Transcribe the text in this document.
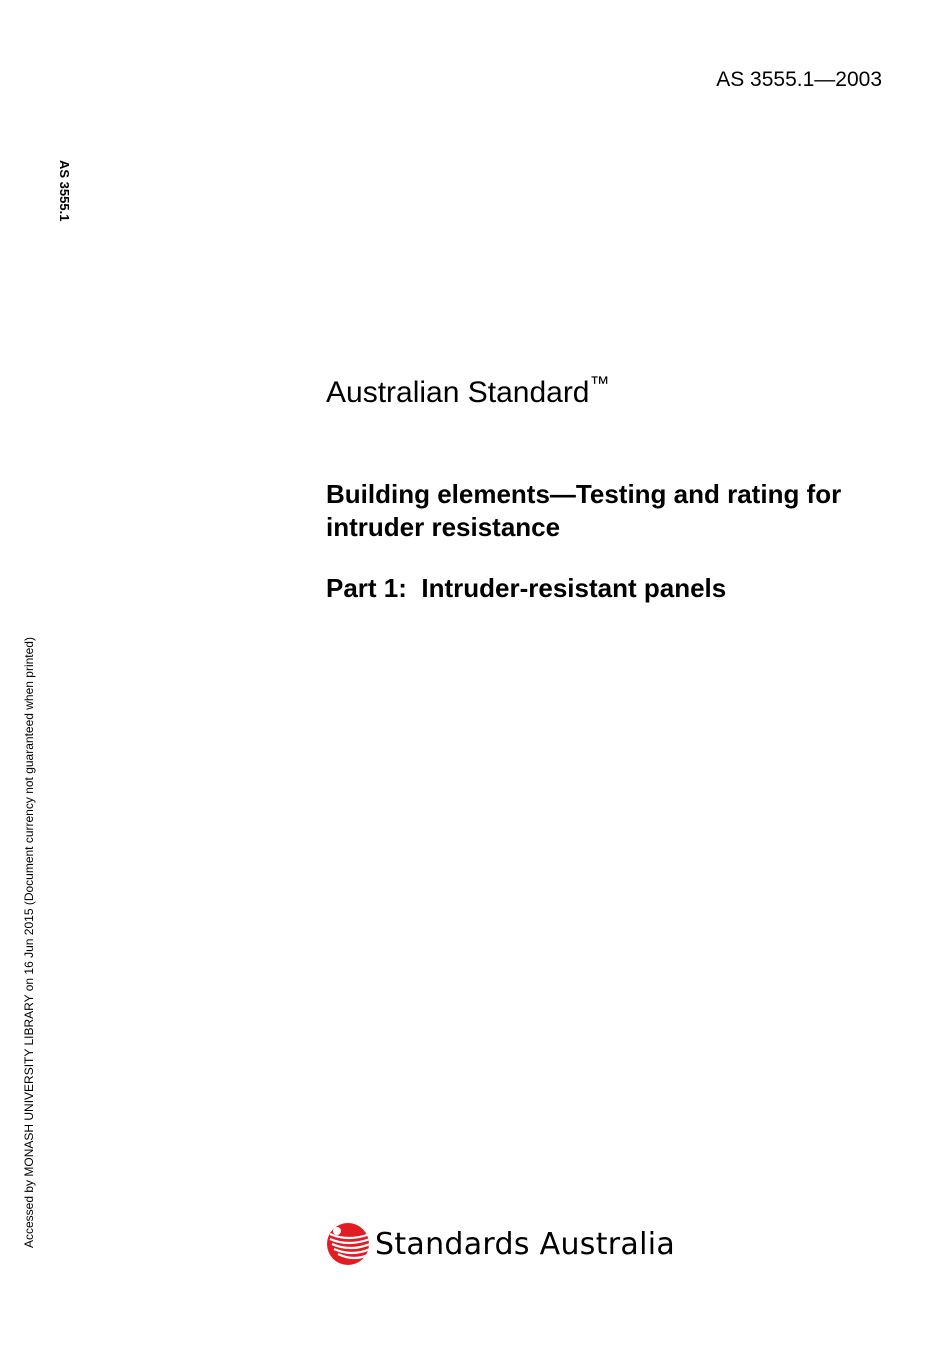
AS 3555.1—2003
AS 3555.1
Accessed by MONASH UNIVERSITY LIBRARY on 16 Jun 2015 (Document currency not guaranteed when printed)
Australian Standard™
Building elements—Testing and rating for intruder resistance
Part 1:  Intruder-resistant panels
Standards Australia
